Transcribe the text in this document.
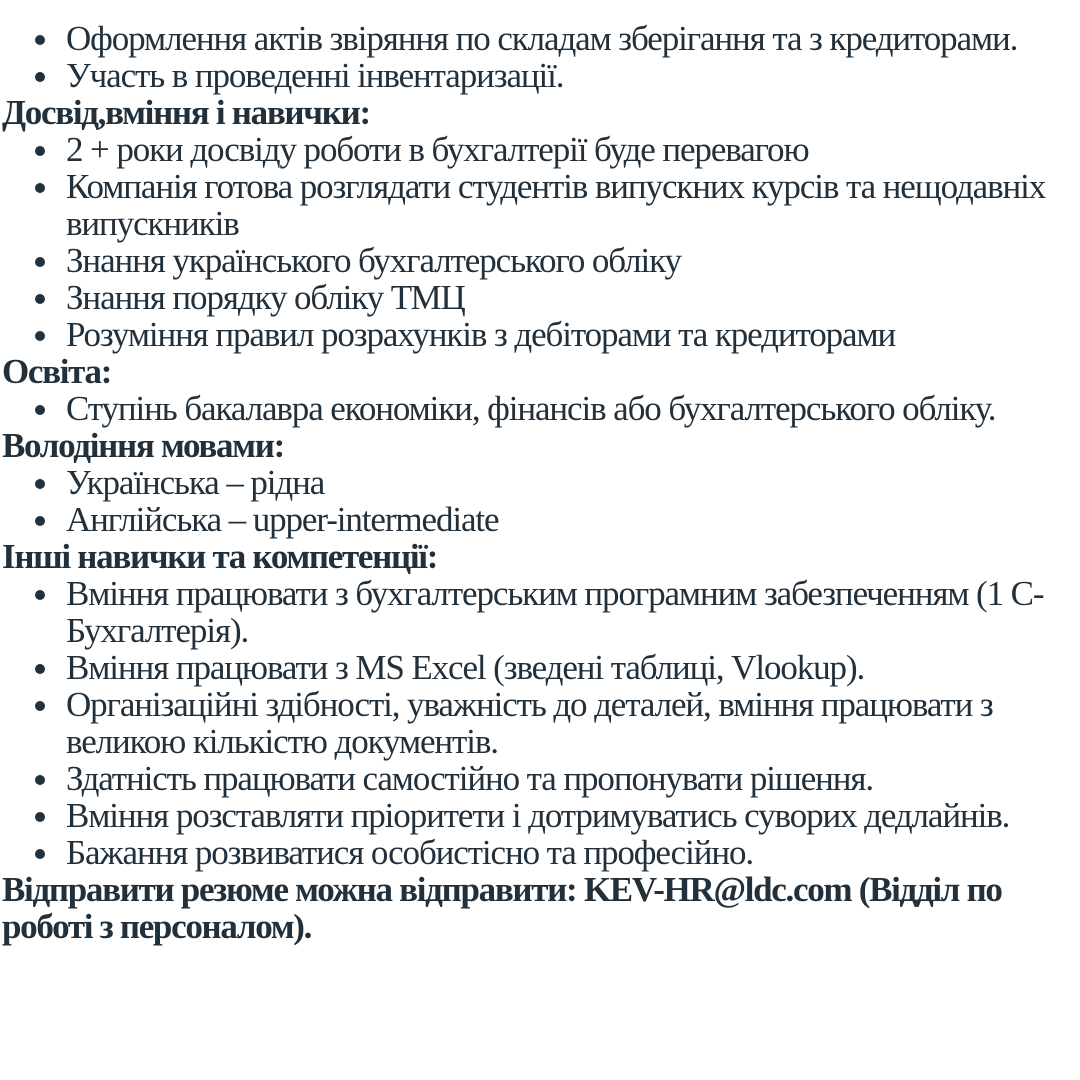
Оформлення актів звіряння по складам зберігання та з кредиторами.
Участь в проведенні інвентаризації.
Досвід,вміння і навички:
2 + роки досвіду роботи в бухгалтерії буде перевагою
Компанія готова розглядати студентів випускних курсів та нещодавніх випускників
Знання українського бухгалтерського обліку
Знання порядку обліку ТМЦ
Розуміння правил розрахунків з дебіторами та кредиторами
Освіта:
Ступінь бакалавра економіки, фінансів або бухгалтерського обліку.
Володіння мовами:
Українська – рідна
Англійська – upper-intermediate
Інші навички та компетенції:
Вміння працювати з бухгалтерським програмним забезпеченням (1 С- Бухгалтерія).
Вміння працювати з MS Excel (зведені таблиці, Vlookup).
Організаційні здібності, уважність до деталей, вміння працювати з великою кількістю документів.
Здатність працювати самостійно та пропонувати рішення.
Вміння розставляти пріоритети і дотримуватись суворих дедлайнів.
Бажання розвиватися особистісно та професійно.
Відправити резюме можна відправити: KEV-HR@ldc.com (Відділ по роботі з персоналом).
